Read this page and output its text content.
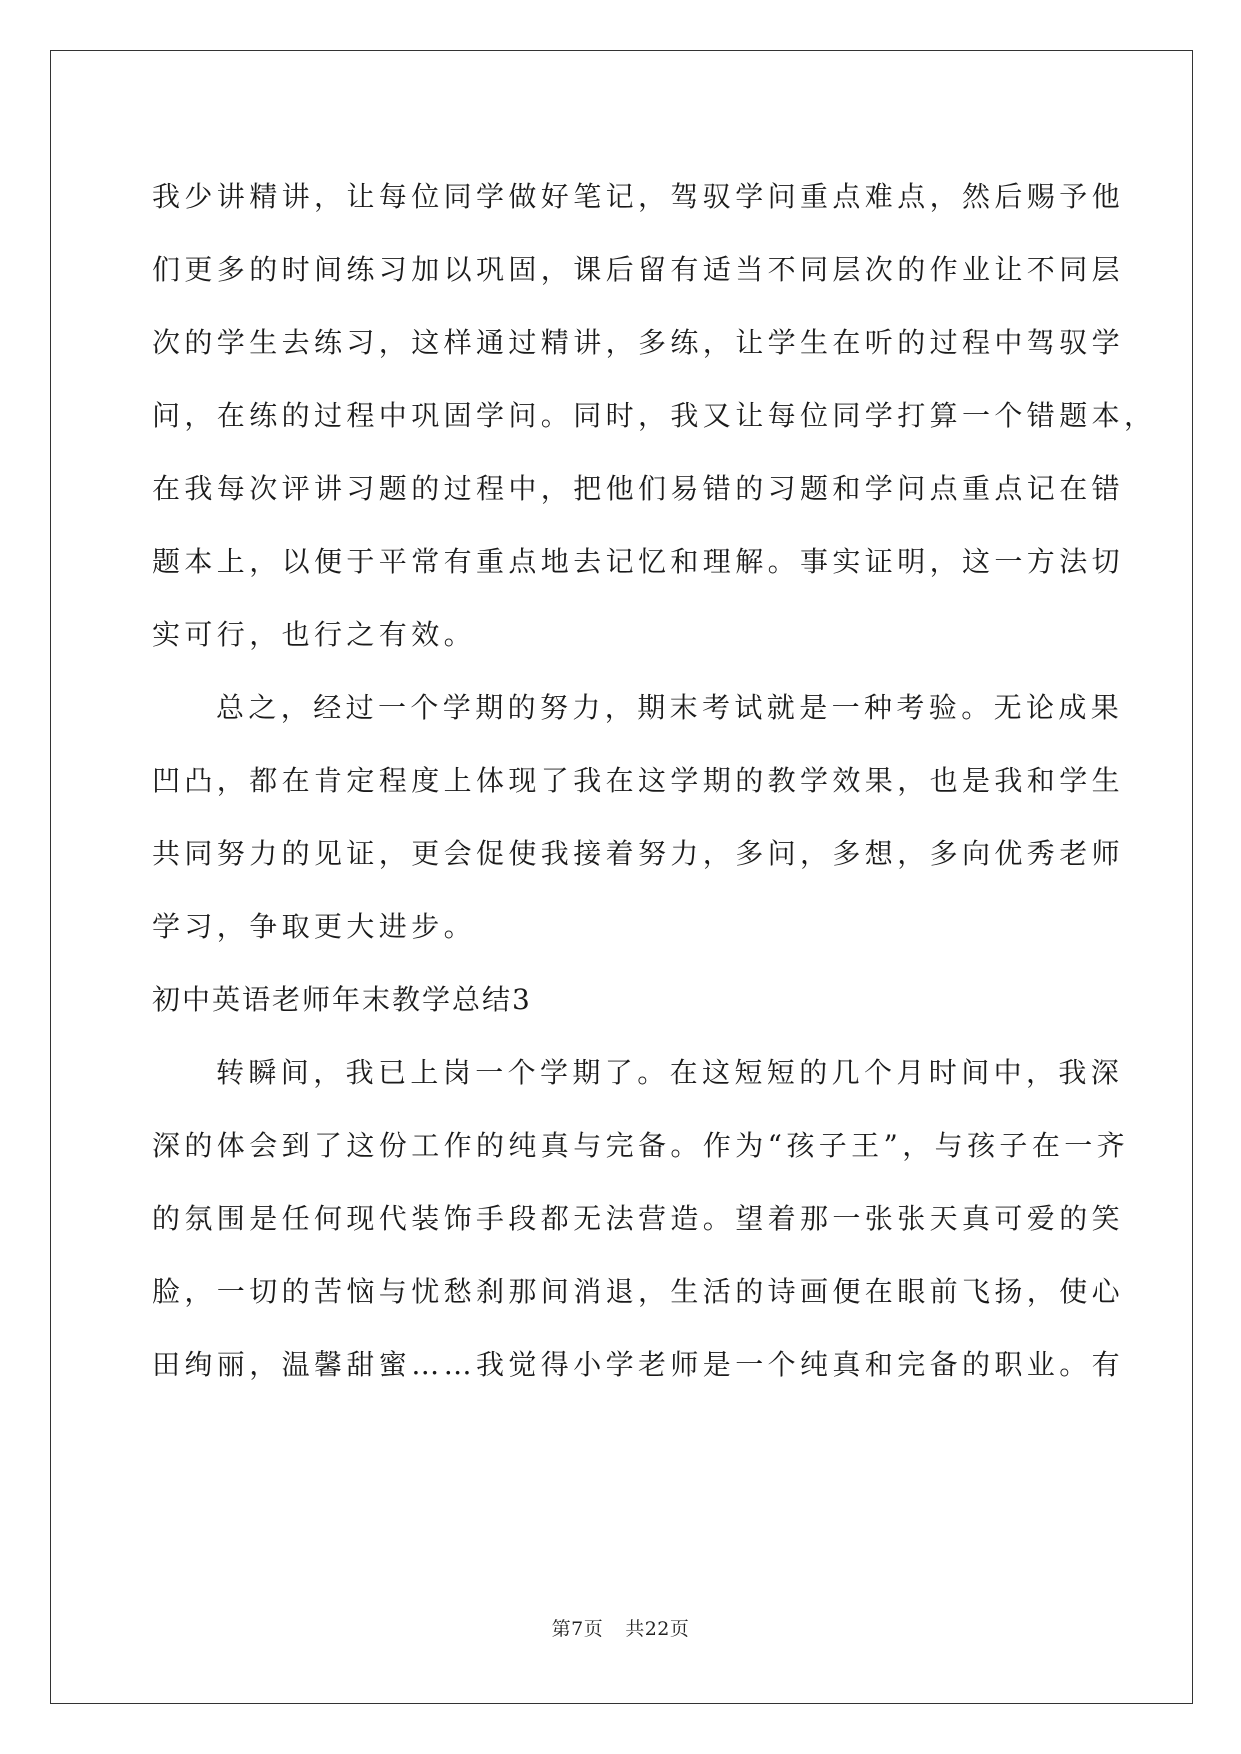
我少讲精讲，让每位同学做好笔记，驾驭学问重点难点，然后赐予他
们更多的时间练习加以巩固，课后留有适当不同层次的作业让不同层
次的学生去练习，这样通过精讲，多练，让学生在听的过程中驾驭学
问，在练的过程中巩固学问。同时，我又让每位同学打算一个错题本，
在我每次评讲习题的过程中，把他们易错的习题和学问点重点记在错
题本上，以便于平常有重点地去记忆和理解。事实证明，这一方法切
实可行，也行之有效。
总之，经过一个学期的努力，期末考试就是一种考验。无论成果
凹凸，都在肯定程度上体现了我在这学期的教学效果，也是我和学生
共同努力的见证，更会促使我接着努力，多问，多想，多向优秀老师
学习，争取更大进步。
初中英语老师年末教学总结3
转瞬间，我已上岗一个学期了。在这短短的几个月时间中，我深
深的体会到了这份工作的纯真与完备。作为“孩子王”，与孩子在一齐
的氛围是任何现代装饰手段都无法营造。望着那一张张天真可爱的笑
脸，一切的苦恼与忧愁刹那间消退，生活的诗画便在眼前飞扬，使心
田绚丽，温馨甜蜜……我觉得小学老师是一个纯真和完备的职业。有
第7页 共22页
